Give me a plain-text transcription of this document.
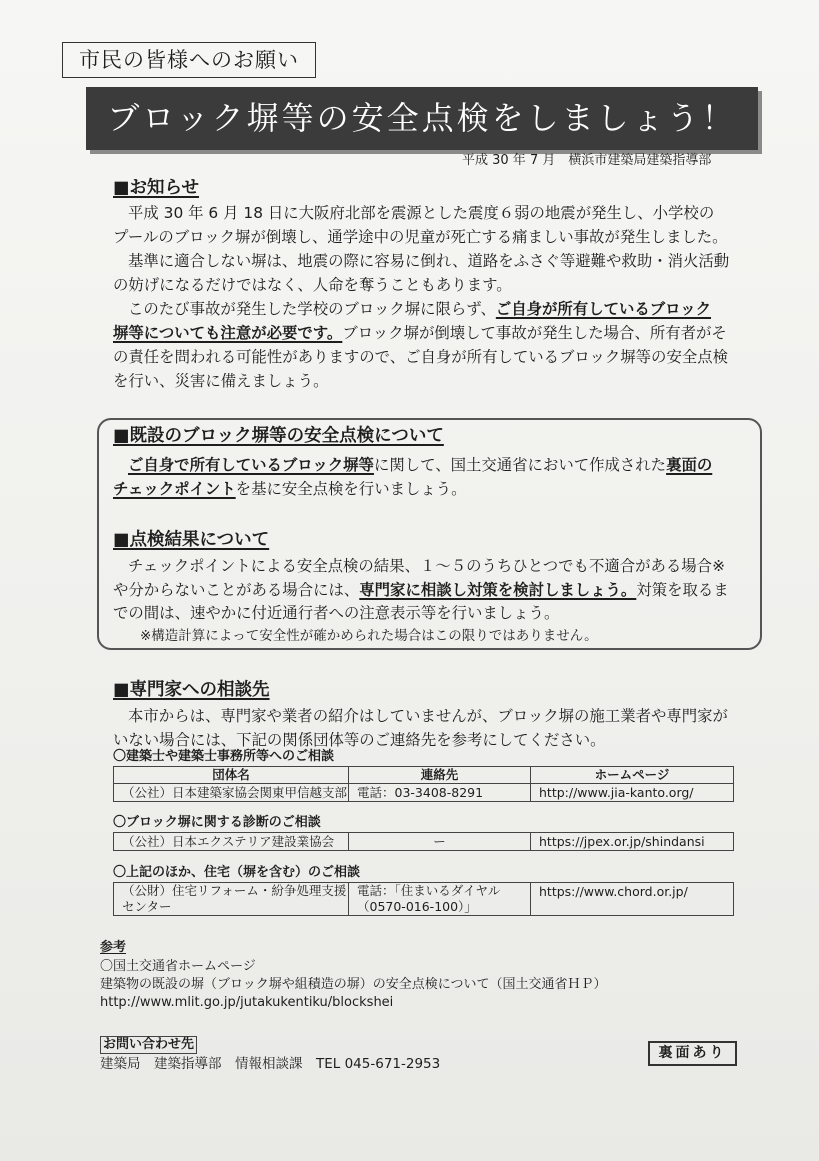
市民の皆様へのお願い
ブロック塀等の安全点検をしましょう！
平成 30 年 7 月　横浜市建築局建築指導部
■お知らせ
平成 30 年 6 月 18 日に大阪府北部を震源とした震度６弱の地震が発生し、小学校の
プールのブロック塀が倒壊し、通学途中の児童が死亡する痛ましい事故が発生しました。
基準に適合しない塀は、地震の際に容易に倒れ、道路をふさぐ等避難や救助・消火活動
の妨げになるだけではなく、人命を奪うこともあります。
このたび事故が発生した学校のブロック塀に限らず、ご自身が所有しているブロック
塀等についても注意が必要です。ブロック塀が倒壊して事故が発生した場合、所有者がそ
の責任を問われる可能性がありますので、ご自身が所有しているブロック塀等の安全点検
を行い、災害に備えましょう。
■既設のブロック塀等の安全点検について
ご自身で所有しているブロック塀等に関して、国土交通省において作成された裏面の
チェックポイントを基に安全点検を行いましょう。
■点検結果について
チェックポイントによる安全点検の結果、１～５のうちひとつでも不適合がある場合※
や分からないことがある場合には、専門家に相談し対策を検討しましょう。対策を取るま
での間は、速やかに付近通行者への注意表示等を行いましょう。
※構造計算によって安全性が確かめられた場合はこの限りではありません。
■専門家への相談先
本市からは、専門家や業者の紹介はしていませんが、ブロック塀の施工業者や専門家が
いない場合には、下記の関係団体等のご連絡先を参考にしてください。
〇建築士や建築士事務所等へのご相談
団体名	連絡先	ホームページ

（公社）日本建築家協会関東甲信越支部	電話：03-3408-8291	http://www.jia-kanto.org/
〇ブロック塀に関する診断のご相談
（公社）日本エクステリア建設業協会	ー	https://jpex.or.jp/shindansi
〇上記のほか、住宅（塀を含む）のご相談
（公財）住宅リフォーム・紛争処理支援
センター

電話：「住まいるダイヤル
（0570-016-100）」

https://www.chord.or.jp/
参考
〇国土交通省ホームページ
建築物の既設の塀（ブロック塀や組積造の塀）の安全点検について（国土交通省ＨＰ）
http://www.mlit.go.jp/jutakukentiku/blockshei
お問い合わせ先
建築局　建築指導部　情報相談課　TEL 045-671-2953
裏面あり
